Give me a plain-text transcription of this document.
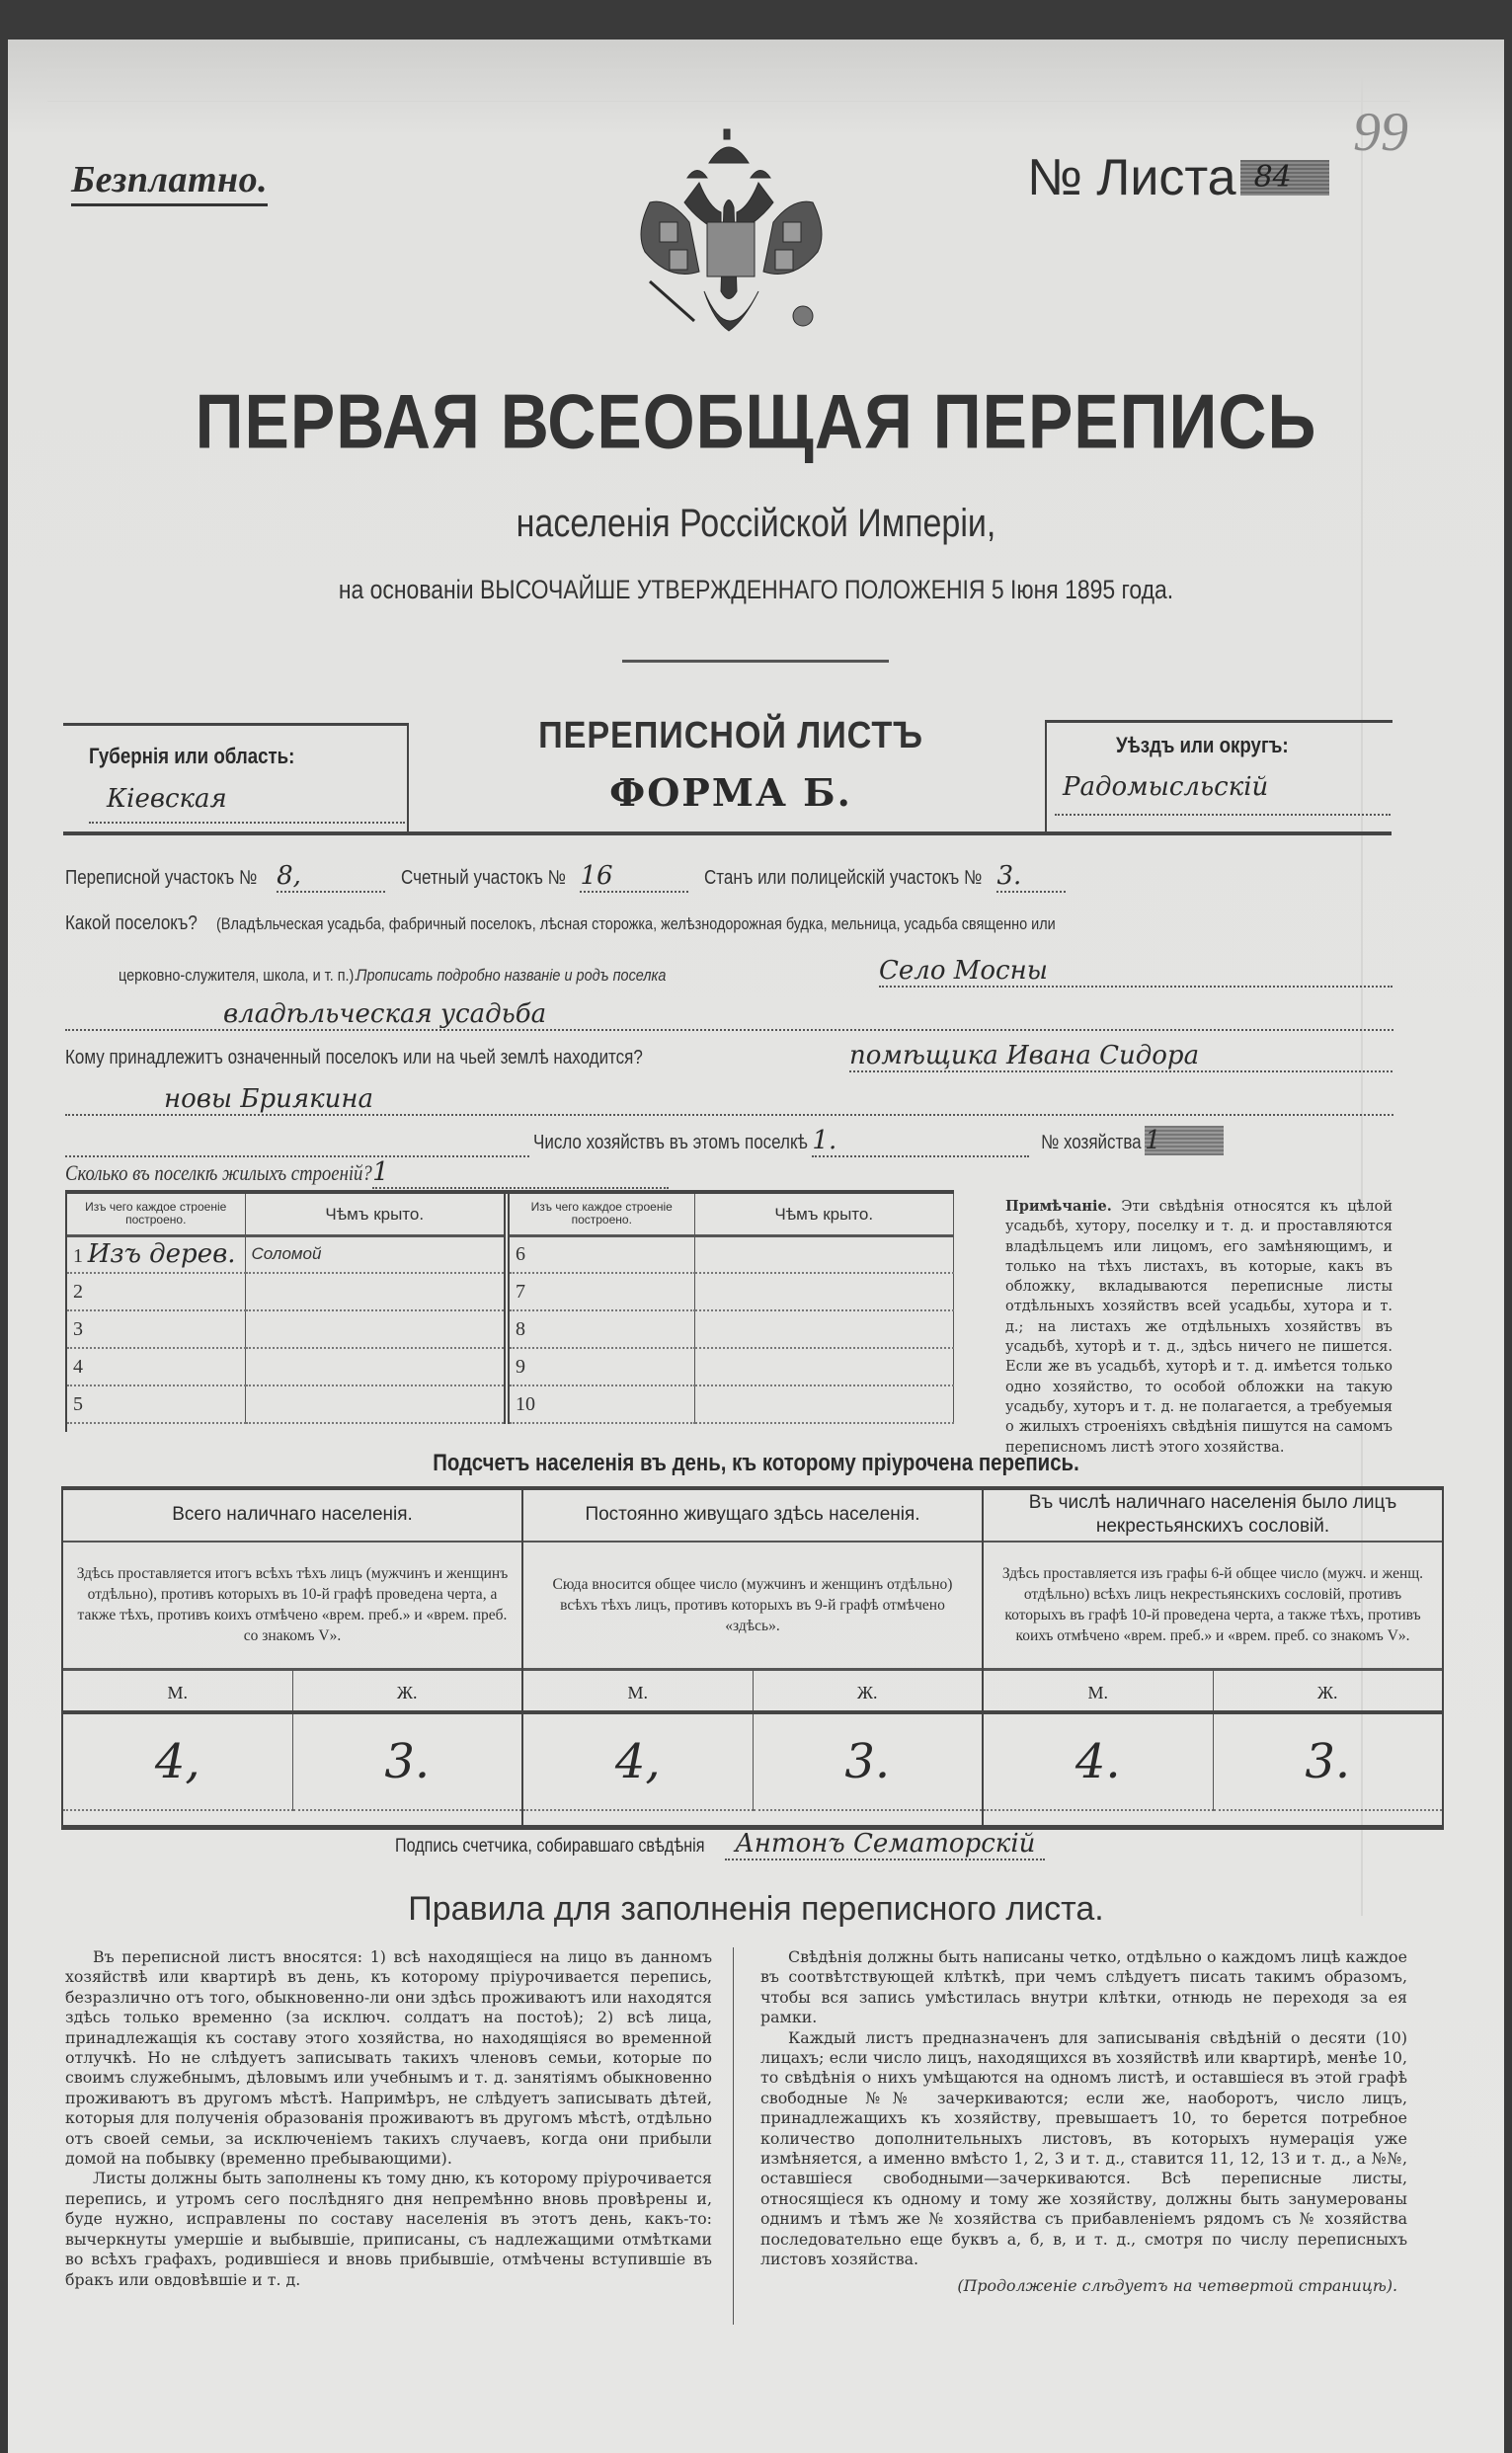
Безплатно.	№ Листа 84
99
ПЕРВАЯ ВСЕОБЩАЯ ПЕРЕПИСЬ
населенія Россійской Имперіи,
на основаніи ВЫСОЧАЙШЕ УТВЕРЖДЕННАГО ПОЛОЖЕНІЯ 5 Іюня 1895 года.
Губернія или область:
Кіевская
ПЕРЕПИСНОЙ ЛИСТЪ
ФОРМА Б.
Уѣздъ или округъ:
Радомысльскій
Переписной участокъ № 8,	Счетный участокъ № 16	Станъ или полицейскій участокъ № 3.
Какой поселокъ? (Владѣльческая усадьба, фабричный поселокъ, лѣсная сторожка, желѣзнодорожная будка, мельница, усадьба священно или
церковно-служителя, школа, и т. п.). Прописать подробно названіе и родъ поселка	Село Мосны
владѣльческая усадьба
Кому принадлежитъ означенный поселокъ или на чьей землѣ находится?	помѣщика Ивана Сидора
новы Бриякина
Число хозяйствъ въ этомъ поселкѣ 1.	№ хозяйства 1
Сколько въ поселкѣ жилыхъ строеній? 1
Изъ чего каждое строеніе построено.	Чѣмъ крыто.	Изъ чего каждое строеніе построено.	Чѣмъ крыто.
1 Изъ дерев.	Соломой	6	
2		7	
3		8	
4		9	
5		10	
Примѣчаніе. Эти свѣдѣнія относятся къ цѣлой усадьбѣ, хутору, поселку и т. д. и проставляются владѣльцемъ или лицомъ, его замѣняющимъ, и только на тѣхъ листахъ, въ которые, какъ въ обложку, вкладываются переписные листы отдѣльныхъ хозяйствъ всей усадьбы, хутора и т. д.; на листахъ же отдѣльныхъ хозяйствъ въ усадьбѣ, хуторѣ и т. д., здѣсь ничего не пишется. Если же въ усадьбѣ, хуторѣ и т. д. имѣется только одно хозяйство, то особой обложки на такую усадьбу, хуторъ и т. д. не полагается, а требуемыя о жилыхъ строеніяхъ свѣдѣнія пишутся на самомъ переписномъ листѣ этого хозяйства.
Подсчетъ населенія въ день, къ которому пріурочена перепись.
Всего наличнаго населенія.
Здѣсь проставляется итогъ всѣхъ тѣхъ лицъ (мужчинъ и женщинъ отдѣльно), противъ которыхъ въ 10-й графѣ проведена черта, а также тѣхъ, противъ коихъ отмѣчено «врем. преб.» и «врем. преб. со знакомъ V».
М.	Ж.
4,	3.
Постоянно живущаго здѣсь населенія.
Сюда вносится общее число (мужчинъ и женщинъ отдѣльно) всѣхъ тѣхъ лицъ, противъ которыхъ въ 9-й графѣ отмѣчено «здѣсь».
М.	Ж.
4,	3.
Въ числѣ наличнаго населенія было лицъ некрестьянскихъ сословій.
Здѣсь проставляется изъ графы 6-й общее число (мужч. и женщ. отдѣльно) всѣхъ лицъ некрестьянскихъ сословій, противъ которыхъ въ графѣ 10-й проведена черта, а также тѣхъ, противъ коихъ отмѣчено «врем. преб.» и «врем. преб. со знакомъ V».
М.	Ж.
4.	3.
Подпись счетчика, собиравшаго свѣдѣнія Антонъ Сематорскій
Правила для заполненія переписного листа.

Въ переписной листъ вносятся: 1) всѣ находящіеся на лицо въ данномъ хозяйствѣ или квартирѣ въ день, къ которому пріурочивается перепись, безразлично отъ того, обыкновенно-ли они здѣсь проживаютъ или находятся здѣсь только временно (за исключ. солдатъ на постоѣ); 2) всѣ лица, принадлежащія къ составу этого хозяйства, но находящіяся во временной отлучкѣ. Но не слѣдуетъ записывать такихъ членовъ семьи, которые по своимъ служебнымъ, дѣловымъ или учебнымъ и т. д. занятіямъ обыкновенно проживаютъ въ другомъ мѣстѣ. Напримѣръ, не слѣдуетъ записывать дѣтей, которыя для полученія образованія проживаютъ въ другомъ мѣстѣ, отдѣльно отъ своей семьи, за исключеніемъ такихъ случаевъ, когда они прибыли домой на побывку (временно пребывающими).

Листы должны быть заполнены къ тому дню, къ которому пріурочивается перепись, и утромъ сего послѣдняго дня непремѣнно вновь провѣрены и, буде нужно, исправлены по составу населенія въ этотъ день, какъ-то: вычеркнуты умершіе и выбывшіе, приписаны, съ надлежащими отмѣтками во всѣхъ графахъ, родившіеся и вновь прибывшіе, отмѣчены вступившіе въ бракъ или овдовѣвшіе и т. д.

Свѣдѣнія должны быть написаны четко, отдѣльно о каждомъ лицѣ каждое въ соотвѣтствующей клѣткѣ, при чемъ слѣдуетъ писать такимъ образомъ, чтобы вся запись умѣстилась внутри клѣтки, отнюдь не переходя за ея рамки.

Каждый листъ предназначенъ для записыванія свѣдѣній о десяти (10) лицахъ; если число лицъ, находящихся въ хозяйствѣ или квартирѣ, менѣе 10, то свѣдѣнія о нихъ умѣщаются на одномъ листѣ, и оставшіеся въ этой графѣ свободные №№ зачеркиваются; если же, наоборотъ, число лицъ, принадлежащихъ къ хозяйству, превышаетъ 10, то берется потребное количество дополнительныхъ листовъ, въ которыхъ нумерація уже измѣняется, а именно вмѣсто 1, 2, 3 и т. д., ставится 11, 12, 13 и т. д., а №№, оставшіеся свободными—зачеркиваются. Всѣ переписные листы, относящіеся къ одному и тому же хозяйству, должны быть занумерованы однимъ и тѣмъ же № хозяйства съ прибавленіемъ рядомъ съ № хозяйства последовательно еще буквъ а, б, в, и т. д., смотря по числу переписныхъ листовъ хозяйства.

(Продолженіе слѣдуетъ на четвертой страницѣ).
